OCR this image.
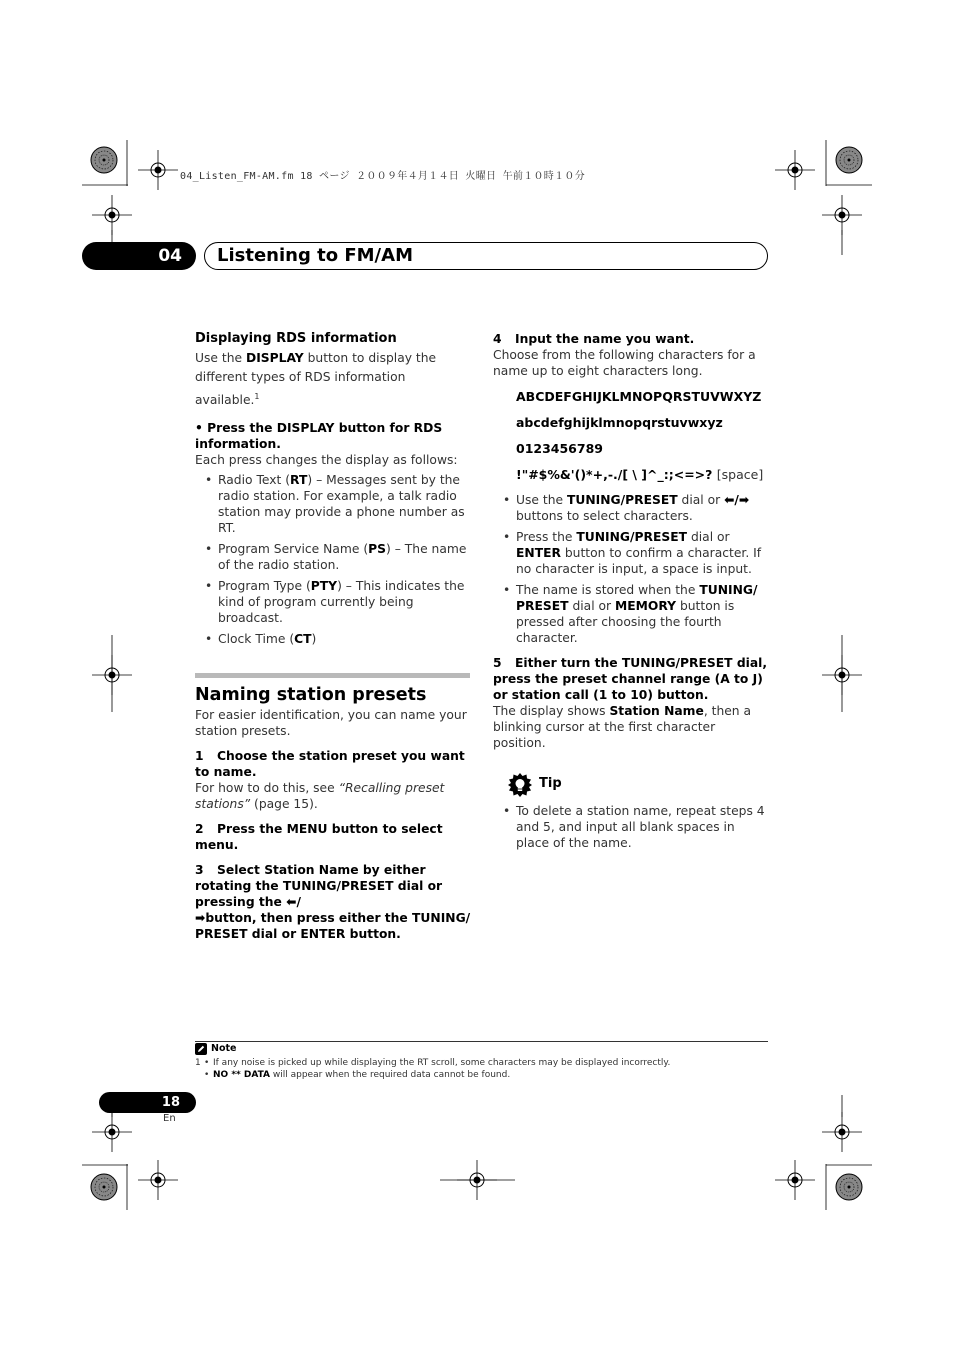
04_Listen_FM-AM.fm 18 ページ ２００９年４月１４日 火曜日 午前１０時１０分
04	Listening to FM/AM

Displaying RDS information

Use the DISPLAY button to display the different types of RDS information available.$^1$

• Press the DISPLAY button for RDS information.

Each press changes the display as follows:

• Radio Text (RT) – Messages sent by the radio station. For example, a talk radio station may provide a phone number as RT.
• Program Service Name (PS) – The name of the radio station.
• Program Type (PTY) – This indicates the kind of program currently being broadcast.
• Clock Time (CT)

Naming station presets

For easier identification, you can name your station presets.

1 Choose the station preset you want to name.

For how to do this, see “Recalling preset stations” (page 15).

2 Press the MENU button to select menu.

3 Select Station Name by either rotating the TUNING/PRESET dial or pressing the ⬅/
➡button, then press either the TUNING/ PRESET dial or ENTER button.

4 Input the name you want.

Choose from the following characters for a name up to eight characters long.

ABCDEFGHIJKLMNOPQRSTUVWXYZ

abcdefghijklmnopqrstuvwxyz

0123456789

!"#$%&'()*+,-./[ \ ]^_:;<=>? [space]

• Use the TUNING/PRESET dial or ⬅/➡ buttons to select characters.
• Press the TUNING/PRESET dial or ENTER button to confirm a character. If no character is input, a space is input.
• The name is stored when the TUNING/ PRESET dial or MEMORY button is pressed after choosing the fourth character.

5 Either turn the TUNING/PRESET dial, press the preset channel range (A to J) or station call (1 to 10) button.

The display shows Station Name, then a blinking cursor at the first character position.

Tip
• To delete a station name, repeat steps 4 and 5, and input all blank spaces in place of the name.
Note
1 • If any noise is picked up while displaying the RT scroll, some characters may be displayed incorrectly.
• NO ** DATA will appear when the required data cannot be found.
18
En
